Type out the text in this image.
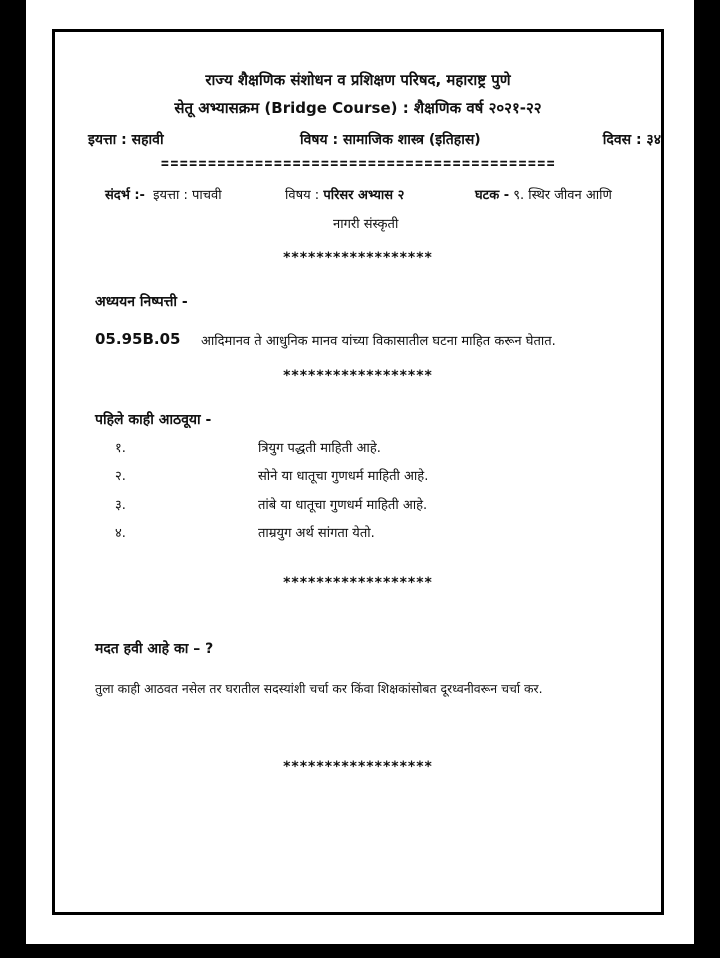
राज्य शैक्षणिक संशोधन व प्रशिक्षण परिषद, महाराष्ट्र पुणे
सेतू अभ्यासक्रम (Bridge Course) : शैक्षणिक वर्ष २०२१-२२
इयत्ता : सहावी	विषय : सामाजिक शास्त्र (इतिहास)	दिवस : ३४
==========================================
संदर्भ :- इयत्ता : पाचवी	विषय : परिसर अभ्यास २	घटक - ९. स्थिर जीवन आणि
नागरी संस्कृती
******************
अध्ययन निष्पत्ती -
05.95B.05 आदिमानव ते आधुनिक मानव यांच्या विकासातील घटना माहित करून घेतात.
******************
पहिले काही आठवूया -
१.	त्रियुग पद्धती माहिती आहे.
२.	सोने या धातूचा गुणधर्म माहिती आहे.
३.	तांबे या धातूचा गुणधर्म माहिती आहे.
४.	ताम्रयुग अर्थ सांगता येतो.
******************
मदत हवी आहे का – ?
तुला काही आठवत नसेल तर घरातील सदस्यांशी चर्चा कर किंवा शिक्षकांसोबत दूरध्वनीवरून चर्चा कर.
******************
